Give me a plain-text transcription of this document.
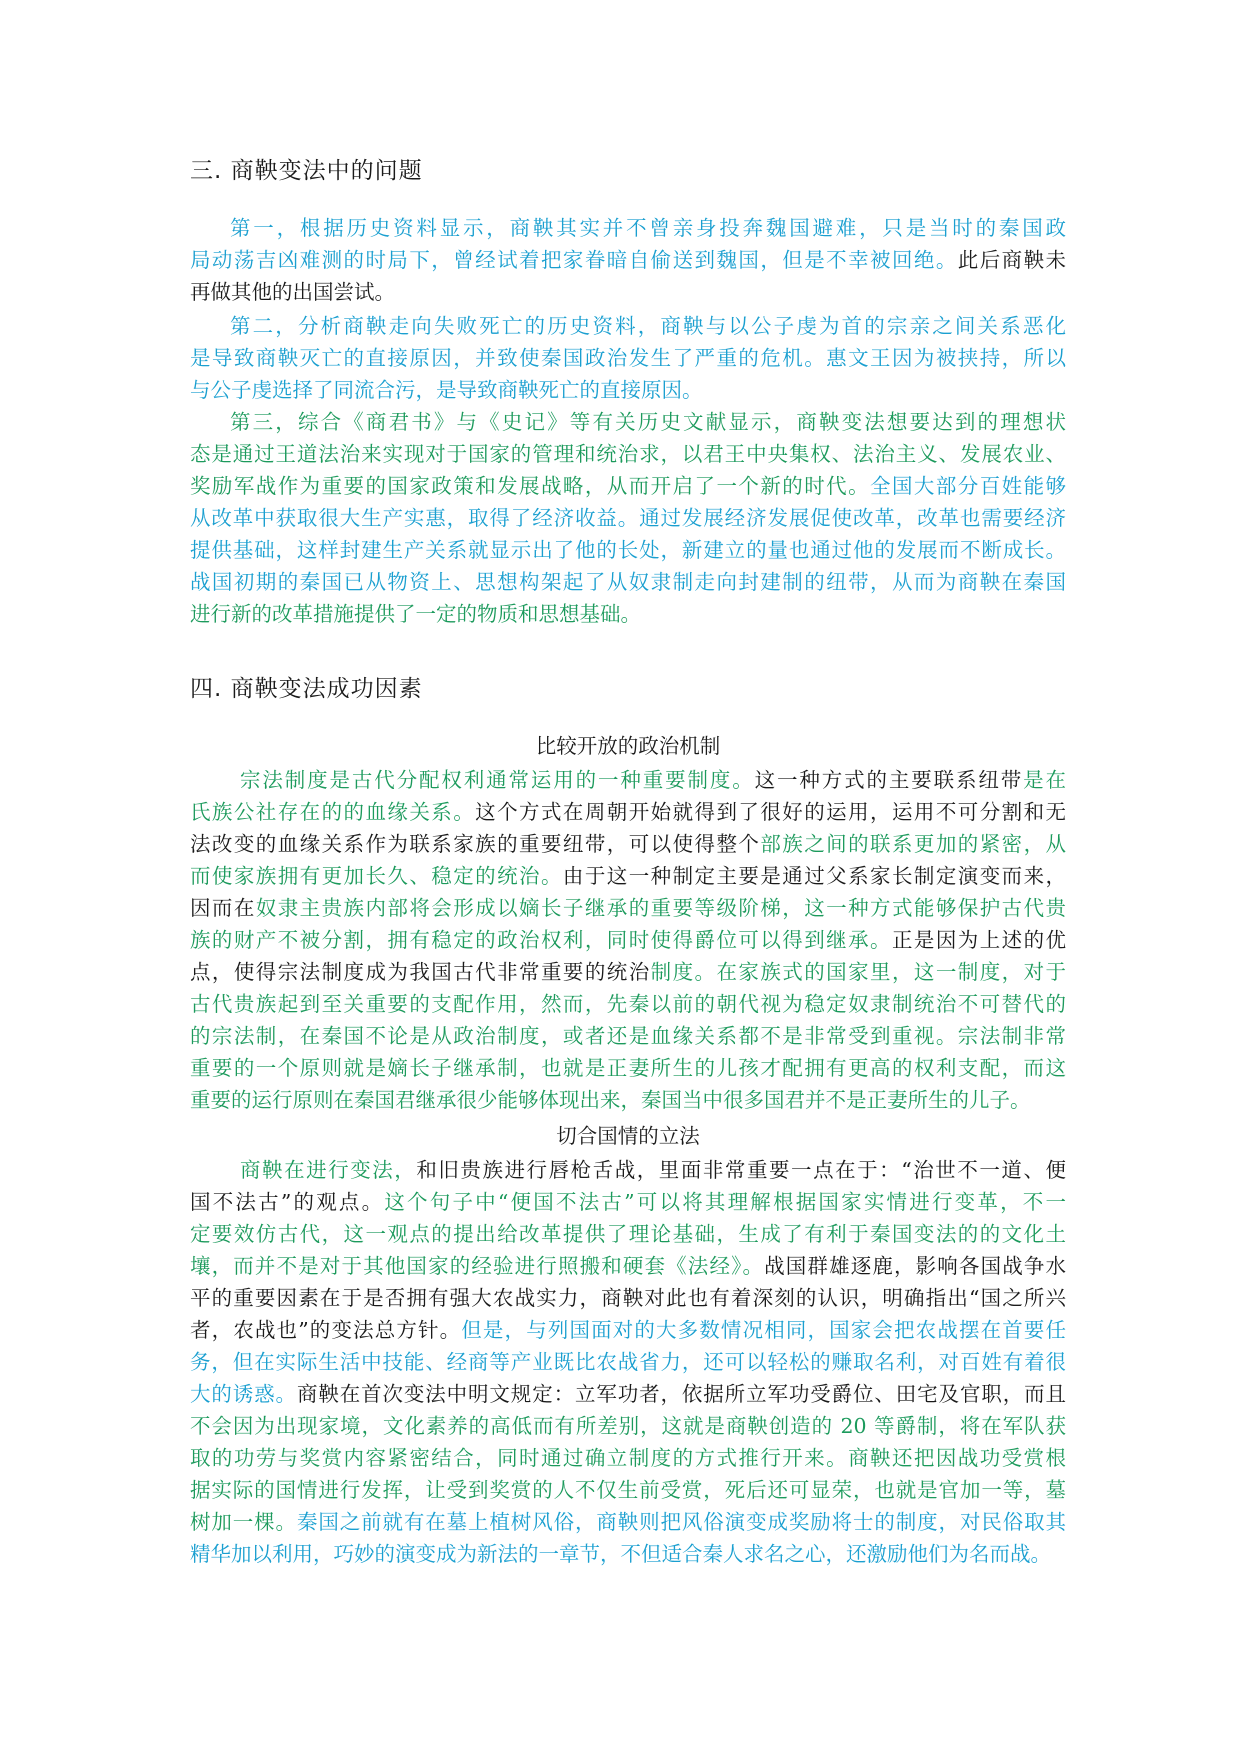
三. 商鞅变法中的问题
第一，根据历史资料显示，商鞅其实并不曾亲身投奔魏国避难，只是当时的秦国政
局动荡吉凶难测的时局下，曾经试着把家眷暗自偷送到魏国，但是不幸被回绝。此后商鞅未
再做其他的出国尝试。
第二，分析商鞅走向失败死亡的历史资料，商鞅与以公子虔为首的宗亲之间关系恶化
是导致商鞅灭亡的直接原因，并致使秦国政治发生了严重的危机。惠文王因为被挟持，所以
与公子虔选择了同流合污，是导致商鞅死亡的直接原因。
第三，综合《商君书》与《史记》等有关历史文献显示，商鞅变法想要达到的理想状
态是通过王道法治来实现对于国家的管理和统治求，以君王中央集权、法治主义、发展农业、
奖励军战作为重要的国家政策和发展战略，从而开启了一个新的时代。全国大部分百姓能够
从改革中获取很大生产实惠，取得了经济收益。通过发展经济发展促使改革，改革也需要经济
提供基础，这样封建生产关系就显示出了他的长处，新建立的量也通过他的发展而不断成长。
战国初期的秦国已从物资上、思想构架起了从奴隶制走向封建制的纽带，从而为商鞅在秦国
进行新的改革措施提供了一定的物质和思想基础。
四. 商鞅变法成功因素
比较开放的政治机制
宗法制度是古代分配权利通常运用的一种重要制度。这一种方式的主要联系纽带是在
氏族公社存在的的血缘关系。这个方式在周朝开始就得到了很好的运用，运用不可分割和无
法改变的血缘关系作为联系家族的重要纽带，可以使得整个部族之间的联系更加的紧密，从
而使家族拥有更加长久、稳定的统治。由于这一种制定主要是通过父系家长制定演变而来，
因而在奴隶主贵族内部将会形成以嫡长子继承的重要等级阶梯，这一种方式能够保护古代贵
族的财产不被分割，拥有稳定的政治权利，同时使得爵位可以得到继承。正是因为上述的优
点，使得宗法制度成为我国古代非常重要的统治制度。在家族式的国家里，这一制度，对于
古代贵族起到至关重要的支配作用，然而，先秦以前的朝代视为稳定奴隶制统治不可替代的
的宗法制，在秦国不论是从政治制度，或者还是血缘关系都不是非常受到重视。宗法制非常
重要的一个原则就是嫡长子继承制，也就是正妻所生的儿孩才配拥有更高的权利支配，而这
重要的运行原则在秦国君继承很少能够体现出来，秦国当中很多国君并不是正妻所生的儿子。
切合国情的立法
商鞅在进行变法，和旧贵族进行唇枪舌战，里面非常重要一点在于：“治世不一道、便
国不法古”的观点。这个句子中“便国不法古”可以将其理解根据国家实情进行变革，不一
定要效仿古代，这一观点的提出给改革提供了理论基础，生成了有利于秦国变法的的文化土
壤，而并不是对于其他国家的经验进行照搬和硬套《法经》。战国群雄逐鹿，影响各国战争水
平的重要因素在于是否拥有强大农战实力，商鞅对此也有着深刻的认识，明确指出“国之所兴
者，农战也”的变法总方针。但是，与列国面对的大多数情况相同，国家会把农战摆在首要任
务，但在实际生活中技能、经商等产业既比农战省力，还可以轻松的赚取名利，对百姓有着很
大的诱惑。商鞅在首次变法中明文规定：立军功者，依据所立军功受爵位、田宅及官职，而且
不会因为出现家境，文化素养的高低而有所差别，这就是商鞅创造的 20 等爵制，将在军队获
取的功劳与奖赏内容紧密结合，同时通过确立制度的方式推行开来。商鞅还把因战功受赏根
据实际的国情进行发挥，让受到奖赏的人不仅生前受赏，死后还可显荣，也就是官加一等，墓
树加一棵。秦国之前就有在墓上植树风俗，商鞅则把风俗演变成奖励将士的制度，对民俗取其
精华加以利用，巧妙的演变成为新法的一章节，不但适合秦人求名之心，还激励他们为名而战。
